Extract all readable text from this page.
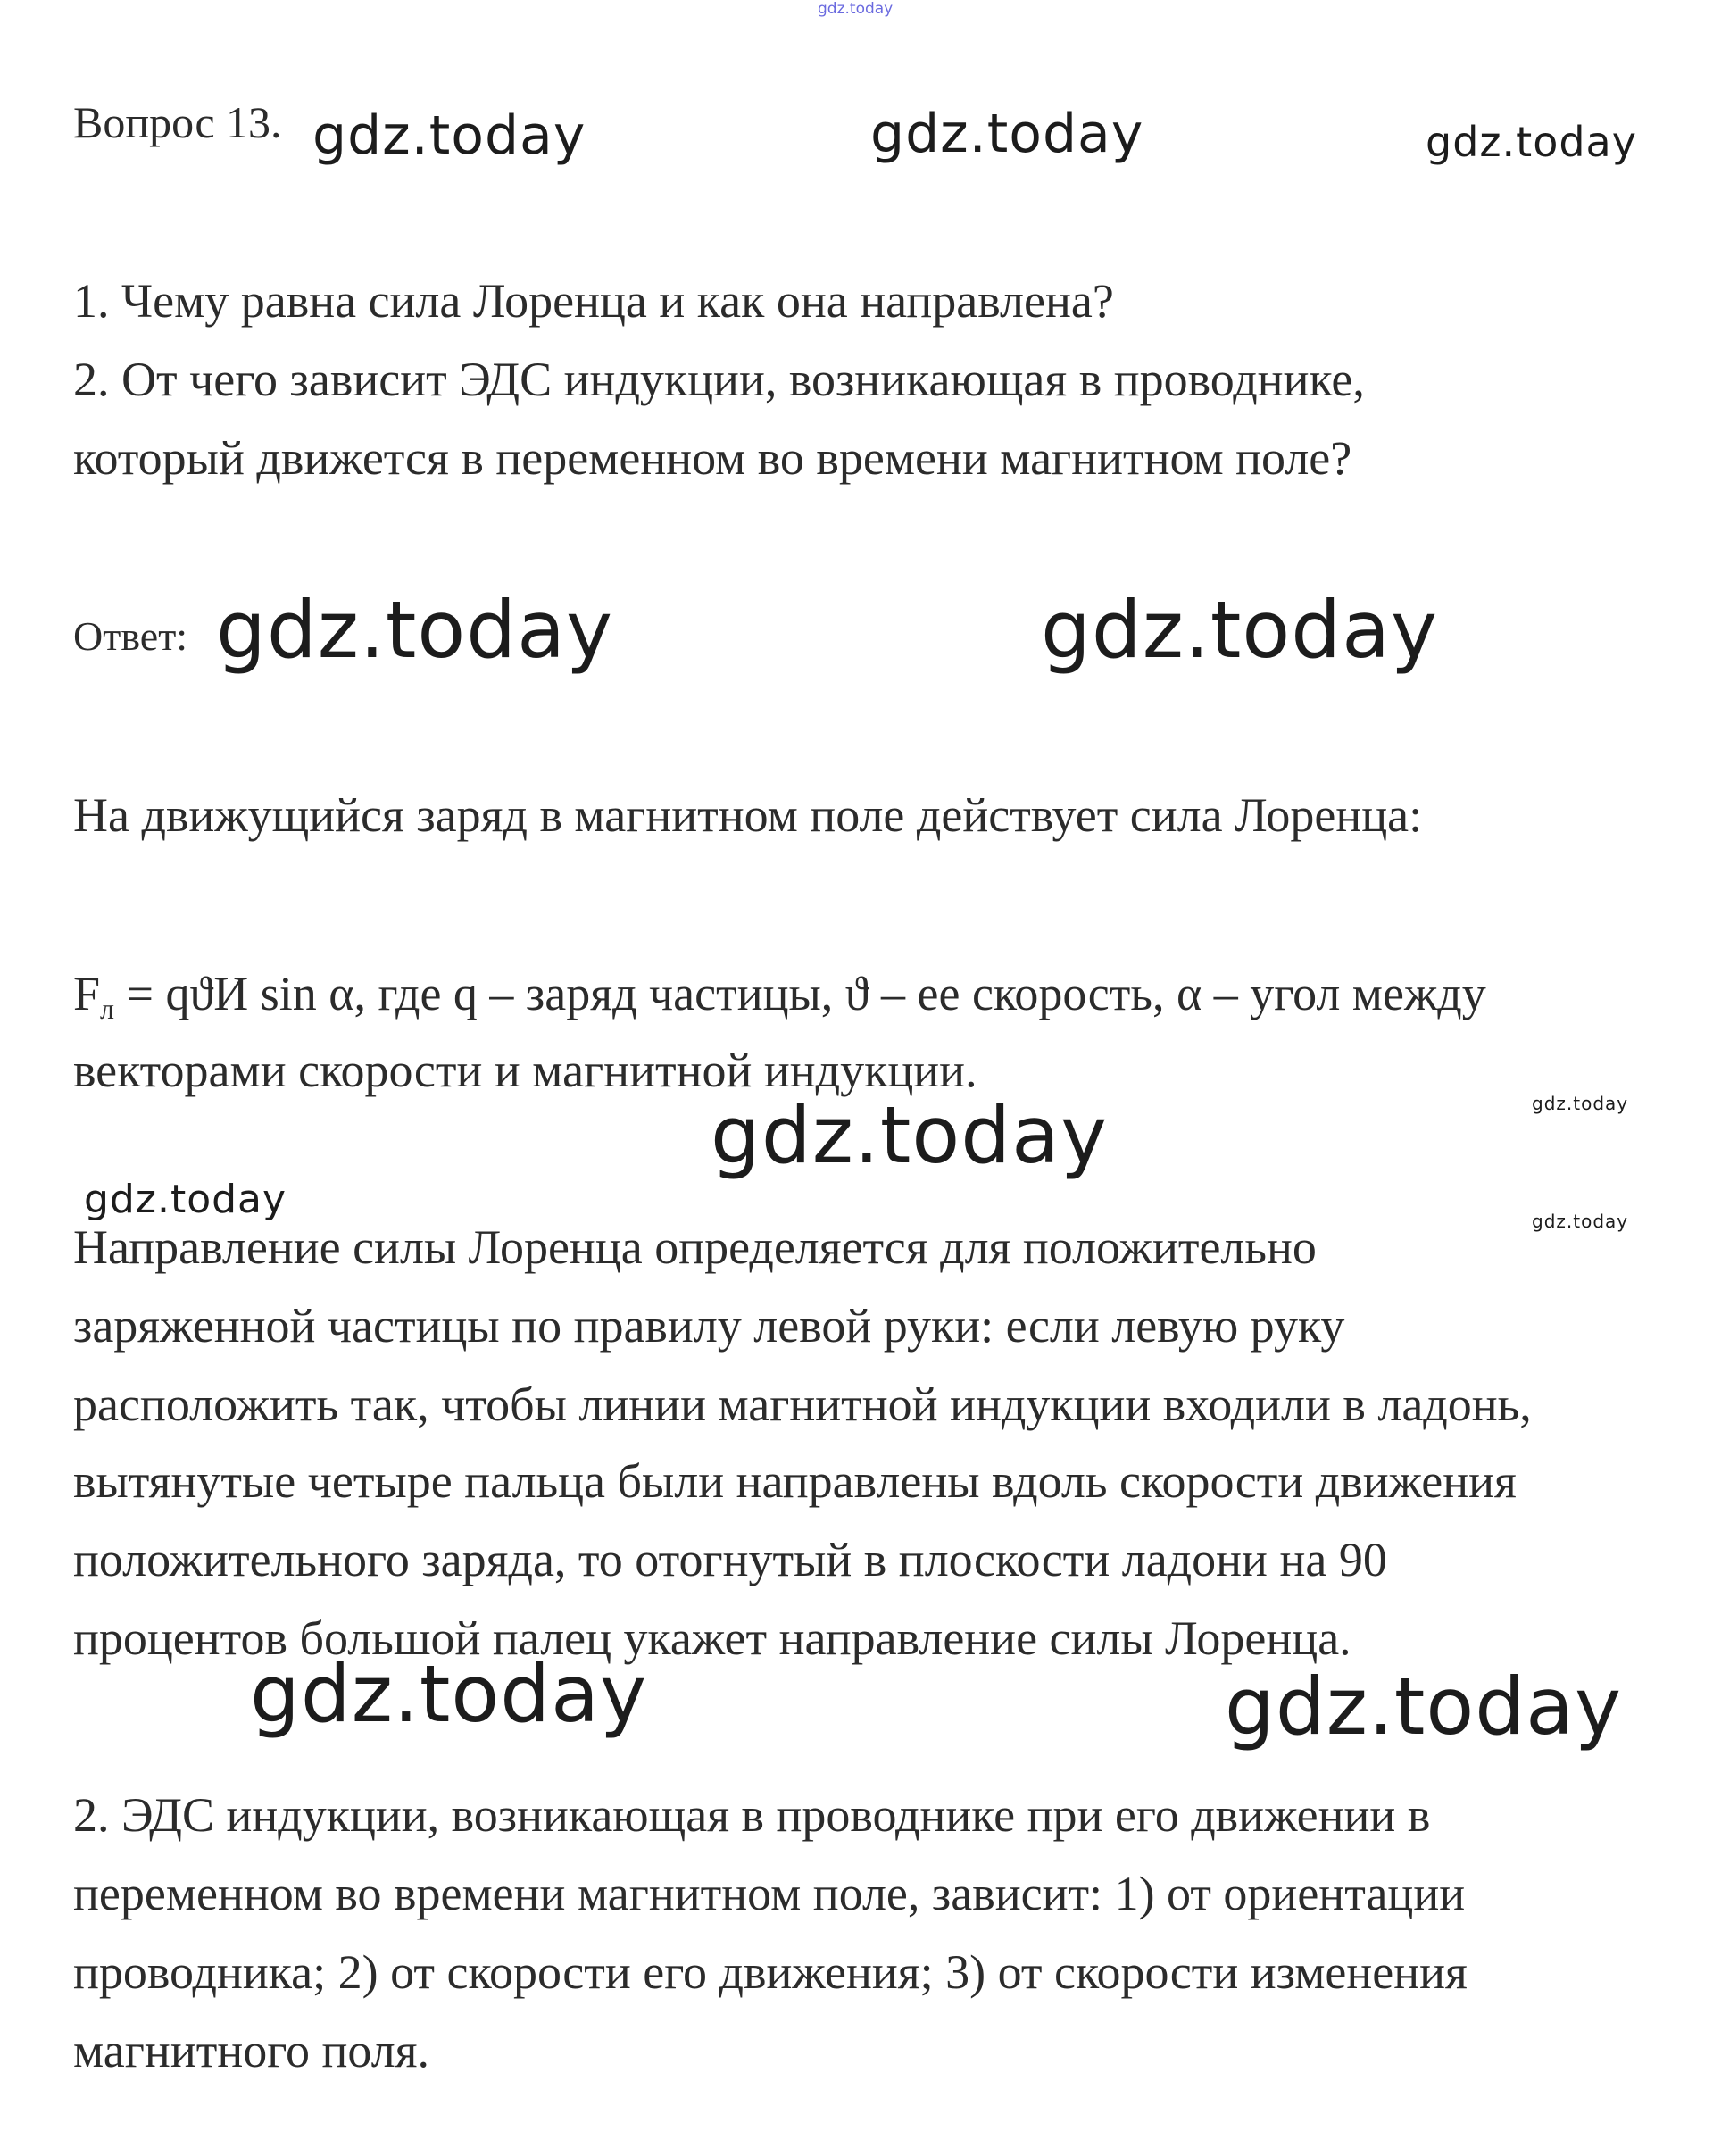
gdz.today
gdz.today	gdz.today	gdz.today
gdz.today	gdz.today
gdz.today	gdz.today
gdz.today	gdz.today
gdz.today	gdz.today
Вопрос 13.
1. Чему равна сила Лоренца и как она направлена?
2. От чего зависит ЭДС индукции, возникающая в проводнике,
который движется в переменном во времени магнитном поле?
Ответ:
На движущийся заряд в магнитном поле действует сила Лоренца:
$F_л = qϑИ$ sin α, где q – заряд частицы, ϑ – ее скорость, α – угол между
векторами скорости и магнитной индукции.
Направление силы Лоренца определяется для положительно
заряженной частицы по правилу левой руки: если левую руку
расположить так, чтобы линии магнитной индукции входили в ладонь,
вытянутые четыре пальца были направлены вдоль скорости движения
положительного заряда, то отогнутый в плоскости ладони на 90
процентов большой палец укажет направление силы Лоренца.
2. ЭДС индукции, возникающая в проводнике при его движении в
переменном во времени магнитном поле, зависит: 1) от ориентации
проводника; 2) от скорости его движения; 3) от скорости изменения
магнитного поля.
